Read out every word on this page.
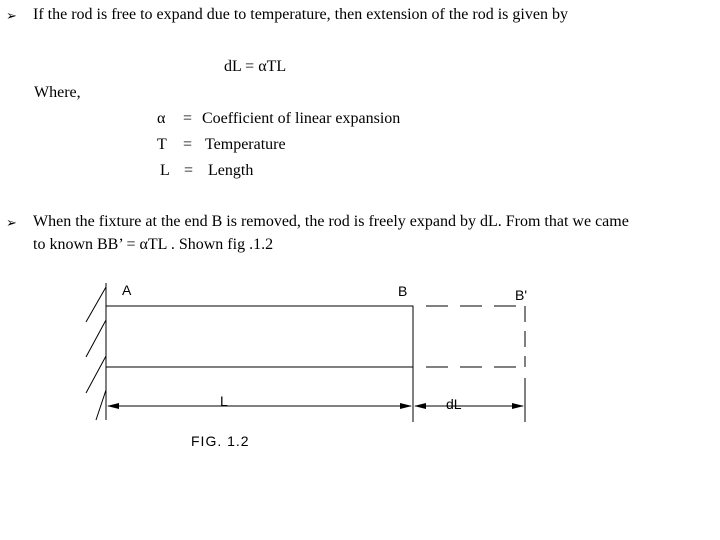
➢ If the rod is free to expand due to temperature, then extension of the rod is given by
dL = αTL
Where,
α = Coefficient of linear expansion
T = Temperature
L = Length
➢ When the fixture at the end B is removed, the rod is freely expand by dL. From that we came
to known BB’ = αTL . Shown fig .1.2
A	B	B'
L	dL
FIG. 1.2
